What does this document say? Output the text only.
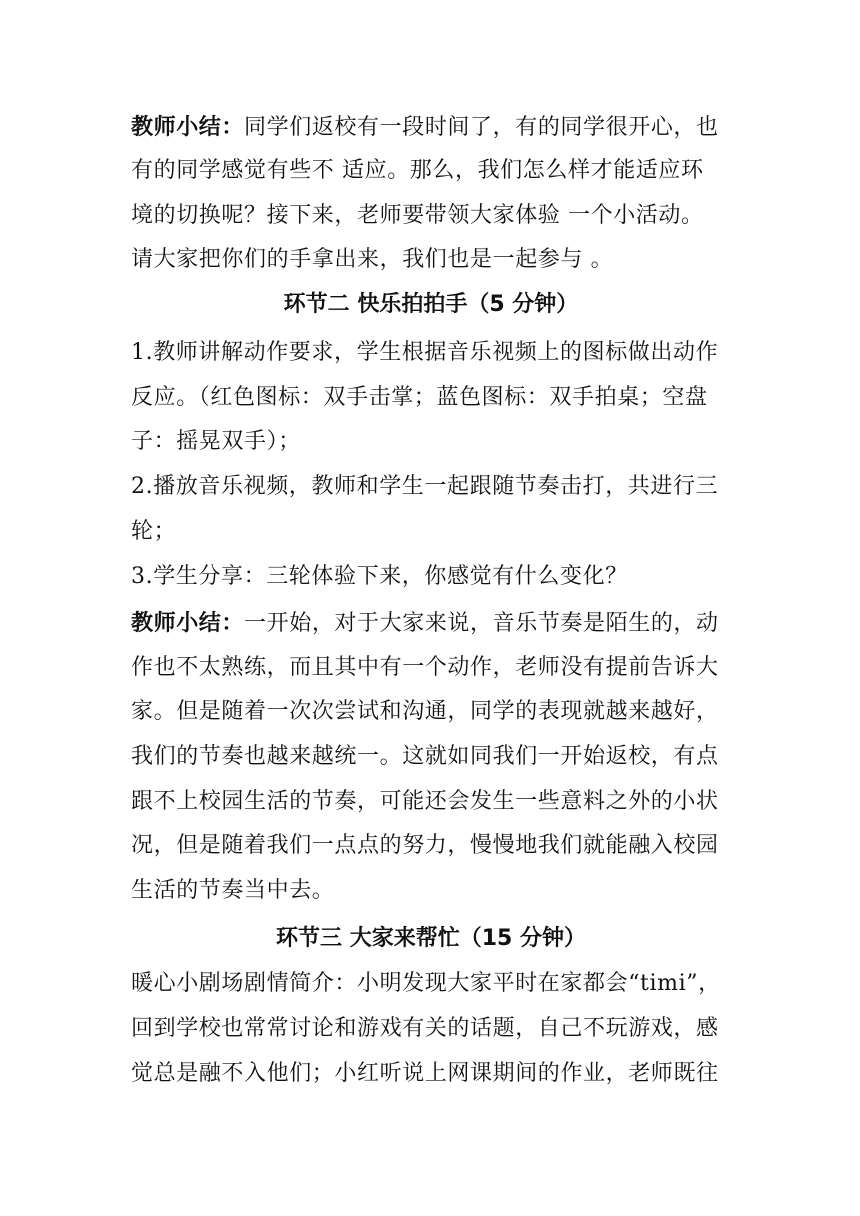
教师小结：同学们返校有一段时间了，有的同学很开心，也
有的同学感觉有些不 适应。那么，我们怎么样才能适应环
境的切换呢？接下来，老师要带领大家体验 一个小活动。
请大家把你们的手拿出来，我们也是一起参与 。
环节二 快乐拍拍手（5 分钟）
1.教师讲解动作要求，学生根据音乐视频上的图标做出动作
反应。（红色图标：双手击掌；蓝色图标：双手拍桌；空盘
子：摇晃双手）；
2.播放音乐视频，教师和学生一起跟随节奏击打，共进行三
轮；
3.学生分享：三轮体验下来，你感觉有什么变化？
教师小结：一开始，对于大家来说，音乐节奏是陌生的，动
作也不太熟练，而且其中有一个动作，老师没有提前告诉大
家。但是随着一次次尝试和沟通，同学的表现就越来越好，
我们的节奏也越来越统一。这就如同我们一开始返校，有点
跟不上校园生活的节奏，可能还会发生一些意料之外的小状
况，但是随着我们一点点的努力，慢慢地我们就能融入校园
生活的节奏当中去。
环节三 大家来帮忙（15 分钟）
暖心小剧场剧情简介：小明发现大家平时在家都会“timi”，
回到学校也常常讨论和游戏有关的话题，自己不玩游戏，感
觉总是融不入他们；小红听说上网课期间的作业，老师既往
